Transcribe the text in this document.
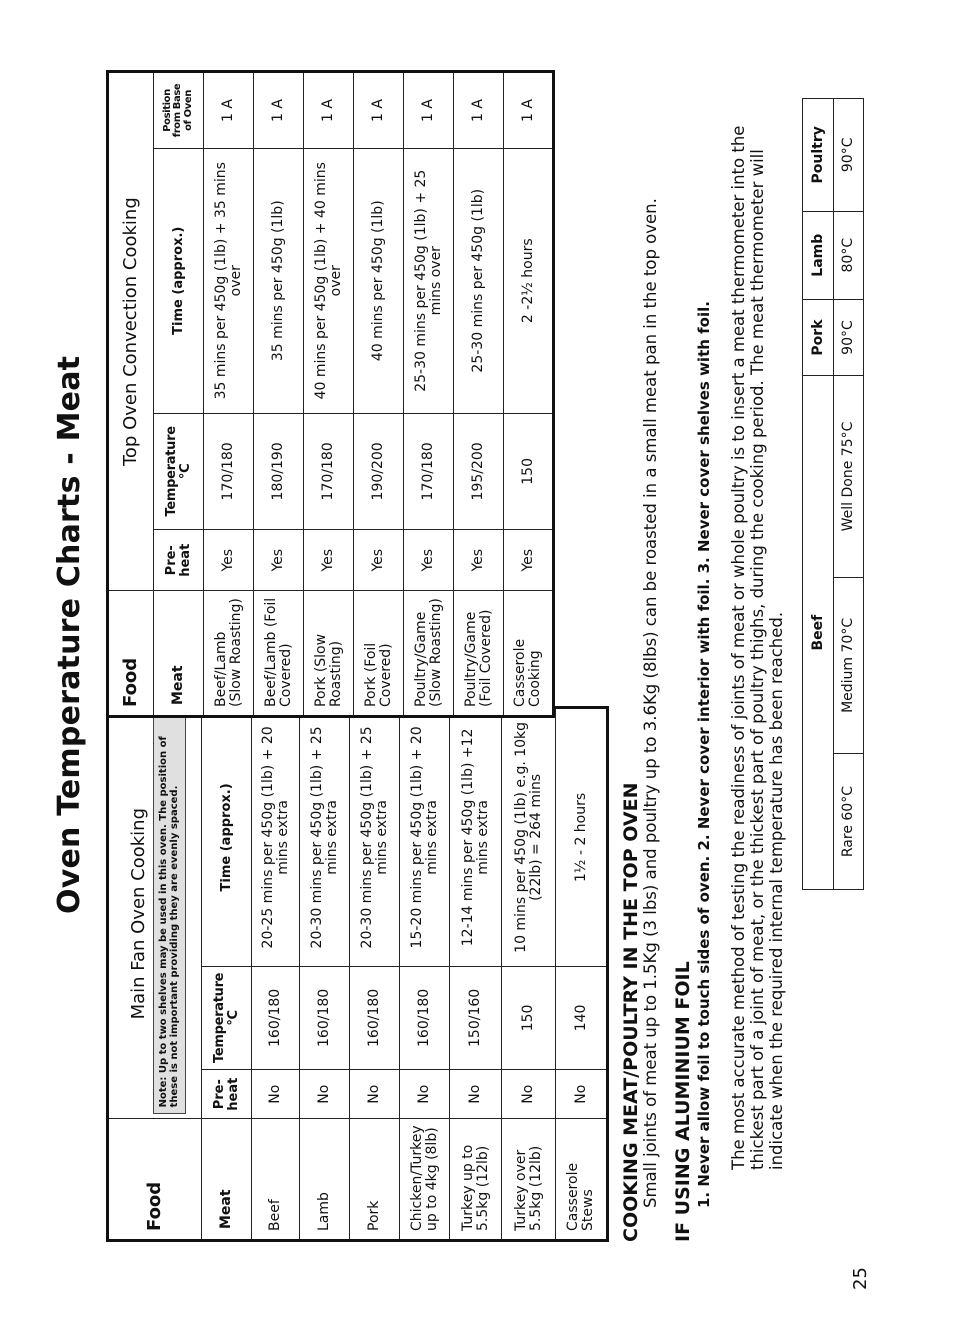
Oven Temperature Charts - Meat
Food	Main Fan Oven Cooking Note: Up to two shelves may be used in this oven. The position of these is not important providing they are evenly spaced.		

Meat	Pre-heat	Temperature °C	Time (approx.)
Beef	No	160/180	20-25 mins per 450g (1lb) + 20 mins extra
Lamb	No	160/180	20-30 mins per 450g (1lb) + 25 mins extra
Pork	No	160/180	20-30 mins per 450g (1lb) + 25 mins extra
Chicken/Turkey up to 4kg (8lb)	No	160/180	15-20 mins per 450g (1lb) + 20 mins extra
Turkey up to 5.5kg (12lb)	No	150/160	12-14 mins per 450g (1lb) +12 mins extra
Turkey over 5.5kg (12lb)	No	150	10 mins per 450g (1lb) e.g. 10kg (22lb) = 264 mins
Casserole Stews	No	140	1½ - 2 hours
Food	Top Oven Convection Cooking			
Meat	Pre-heat	Temperature °C	Time (approx.)	Position from Base of Oven
Beef/Lamb (Slow Roasting)	Yes	170/180	35 mins per 450g (1lb) + 35 mins over	1 A
Beef/Lamb (Foil Covered)	Yes	180/190	35 mins per 450g (1lb)	1 A
Pork (Slow Roasting)	Yes	170/180	40 mins per 450g (1lb) + 40 mins over	1 A
Pork (Foil Covered)	Yes	190/200	40 mins per 450g (1lb)	1 A
Poultry/Game (Slow Roasting)	Yes	170/180	25-30 mins per 450g (1lb) + 25 mins over	1 A
Poultry/Game (Foil Covered)	Yes	195/200	25-30 mins per 450g (1lb)	1 A
Casserole Cooking	Yes	150	2 -2½ hours	1 A
COOKING MEAT/POULTRY IN THE TOP OVEN Small joints of meat up to 1.5Kg (3 lbs) and poultry up to 3.6Kg (8lbs) can be roasted in a small meat pan in the top oven. IF USING ALUMINIUM FOIL 1. Never allow foil to touch sides of oven. 2. Never cover interior with foil. 3. Never cover shelves with foil. The most accurate method of testing the readiness of joints of meat or whole poultry is to insert a meat thermometer into the thickest part of a joint of meat, or the thickest part of poultry thighs, during the cooking period. The meat thermometer will indicate when the required internal temperature has been reached. Beef			Pork	Lamb	Poultry
Rare 60°C	Medium 70°C	Well Done 75°C	90°C	80°C	90°C
25
